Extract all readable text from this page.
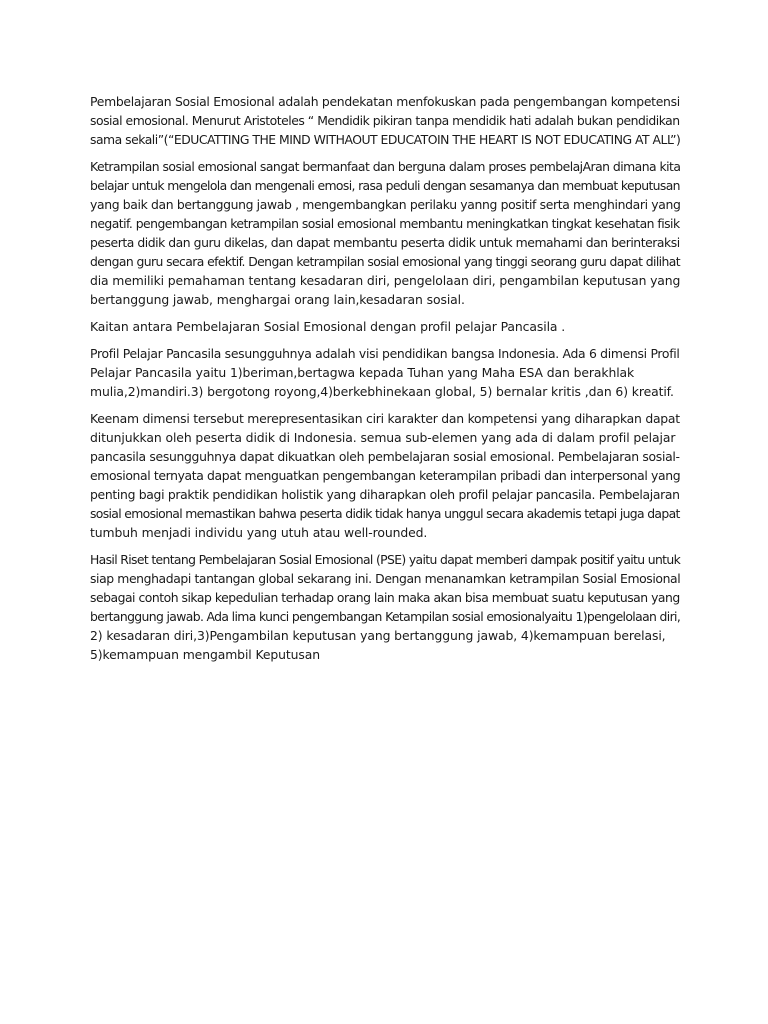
Pembelajaran Sosial Emosional adalah pendekatan menfokuskan pada pengembangan kompetensi
sosial emosional. Menurut Aristoteles “ Mendidik pikiran tanpa mendidik hati adalah bukan pendidikan
sama sekali”(“EDUCATTING THE MIND WITHAOUT EDUCATOIN THE HEART IS NOT EDUCATING AT ALL”)

Ketrampilan sosial emosional sangat bermanfaat dan berguna dalam proses pembelajAran dimana kita
belajar untuk mengelola dan mengenali emosi, rasa peduli dengan sesamanya dan membuat keputusan
yang baik dan bertanggung jawab , mengembangkan perilaku yanng positif serta menghindari yang
negatif. pengembangan ketrampilan sosial emosional membantu meningkatkan tingkat kesehatan fisik
peserta didik dan guru dikelas, dan dapat membantu peserta didik untuk memahami dan berinteraksi
dengan guru secara efektif. Dengan ketrampilan sosial emosional yang tinggi seorang guru dapat dilihat
dia memiliki pemahaman tentang kesadaran diri, pengelolaan diri, pengambilan keputusan yang
bertanggung jawab, menghargai orang lain,kesadaran sosial.

Kaitan antara Pembelajaran Sosial Emosional dengan profil pelajar Pancasila .

Profil Pelajar Pancasila sesungguhnya adalah visi pendidikan bangsa Indonesia. Ada 6 dimensi Profil
Pelajar Pancasila yaitu 1)beriman,bertagwa kepada Tuhan yang Maha ESA dan berakhlak
mulia,2)mandiri.3) bergotong royong,4)berkebhinekaan global, 5) bernalar kritis ,dan 6) kreatif.

Keenam dimensi tersebut merepresentasikan ciri karakter dan kompetensi yang diharapkan dapat
ditunjukkan oleh peserta didik di Indonesia. semua sub-elemen yang ada di dalam profil pelajar
pancasila sesungguhnya dapat dikuatkan oleh pembelajaran sosial emosional. Pembelajaran sosial-
emosional ternyata dapat menguatkan pengembangan keterampilan pribadi dan interpersonal yang
penting bagi praktik pendidikan holistik yang diharapkan oleh profil pelajar pancasila. Pembelajaran
sosial emosional memastikan bahwa peserta didik tidak hanya unggul secara akademis tetapi juga dapat
tumbuh menjadi individu yang utuh atau well-rounded.

Hasil Riset tentang Pembelajaran Sosial Emosional (PSE) yaitu dapat memberi dampak positif yaitu untuk
siap menghadapi tantangan global sekarang ini. Dengan menanamkan ketrampilan Sosial Emosional
sebagai contoh sikap kepedulian terhadap orang lain maka akan bisa membuat suatu keputusan yang
bertanggung jawab. Ada lima kunci pengembangan Ketampilan sosial emosionalyaitu 1)pengelolaan diri,
2) kesadaran diri,3)Pengambilan keputusan yang bertanggung jawab, 4)kemampuan berelasi,
5)kemampuan mengambil Keputusan
